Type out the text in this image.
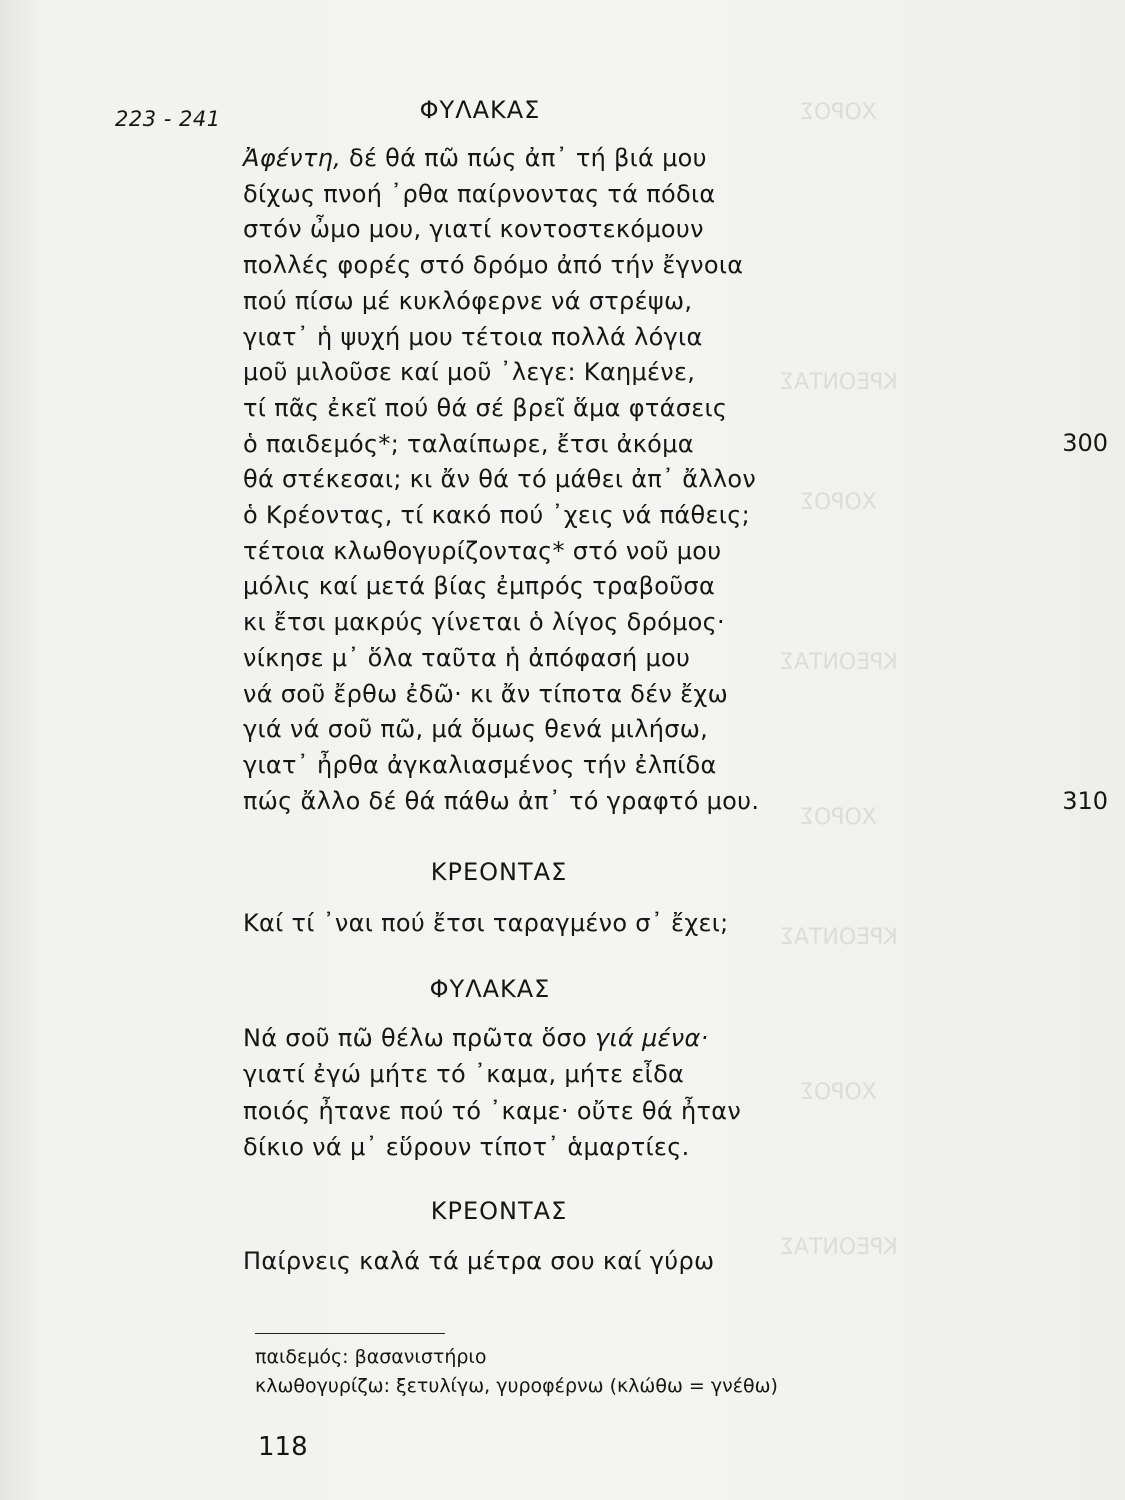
ΧΟΡΟΣ
ΚΡΕΟΝΤΑΣ
ΧΟΡΟΣ
ΚΡΕΟΝΤΑΣ
ΧΟΡΟΣ
ΚΡΕΟΝΤΑΣ
ΧΟΡΟΣ
ΚΡΕΟΝΤΑΣ
223 - 241	ΦΥΛΑΚΑΣ
Ἀφέντη, δέ θά πῶ πώς ἀπ᾿ τή βιά μου
δίχως πνοή ᾿ρθα παίρνοντας τά πόδια
στόν ὦμο μου, γιατί κοντοστεκόμουν
πολλές φορές στό δρόμο ἀπό τήν ἔγνοια
πού πίσω μέ κυκλόφερνε νά στρέψω,
γιατ᾿ ἡ ψυχή μου τέτοια πολλά λόγια
μοῦ μιλοῦσε καί μοῦ ᾿λεγε: Καημένε,
τί πᾶς ἐκεῖ πού θά σέ βρεῖ ἅμα φτάσεις
ὁ παιδεμός*; ταλαίπωρε, ἔτσι ἀκόμα
θά στέκεσαι; κι ἄν θά τό μάθει ἀπ᾿ ἄλλον
ὁ Κρέοντας, τί κακό πού ᾿χεις νά πάθεις;
τέτοια κλωθογυρίζοντας* στό νοῦ μου
μόλις καί μετά βίας ἐμπρός τραβοῦσα
κι ἔτσι μακρύς γίνεται ὁ λίγος δρόμος·
νίκησε μ᾿ ὅλα ταῦτα ἡ ἀπόφασή μου
νά σοῦ ἔρθω ἐδῶ· κι ἄν τίποτα δέν ἔχω
γιά νά σοῦ πῶ, μά ὅμως θενά μιλήσω,
γιατ᾿ ἦρθα ἀγκαλιασμένος τήν ἐλπίδα
πώς ἄλλο δέ θά πάθω ἀπ᾿ τό γραφτό μου.
300
310
ΚΡΕΟΝΤΑΣ
Καί τί ᾿ναι πού ἔτσι ταραγμένο σ᾿ ἔχει;
ΦΥΛΑΚΑΣ
Νά σοῦ πῶ θέλω πρῶτα ὅσο γιά μένα·
γιατί ἐγώ μήτε τό ᾿καμα, μήτε εἶδα
ποιός ἦτανε πού τό ᾿καμε· οὔτε θά ἦταν
δίκιο νά μ᾿ εὕρουν τίποτ᾿ ἁμαρτίες.
ΚΡΕΟΝΤΑΣ
Παίρνεις καλά τά μέτρα σου καί γύρω
παιδεμός: βασανιστήριο
κλωθογυρίζω: ξετυλίγω, γυροφέρνω (κλώθω = γνέθω)
118
